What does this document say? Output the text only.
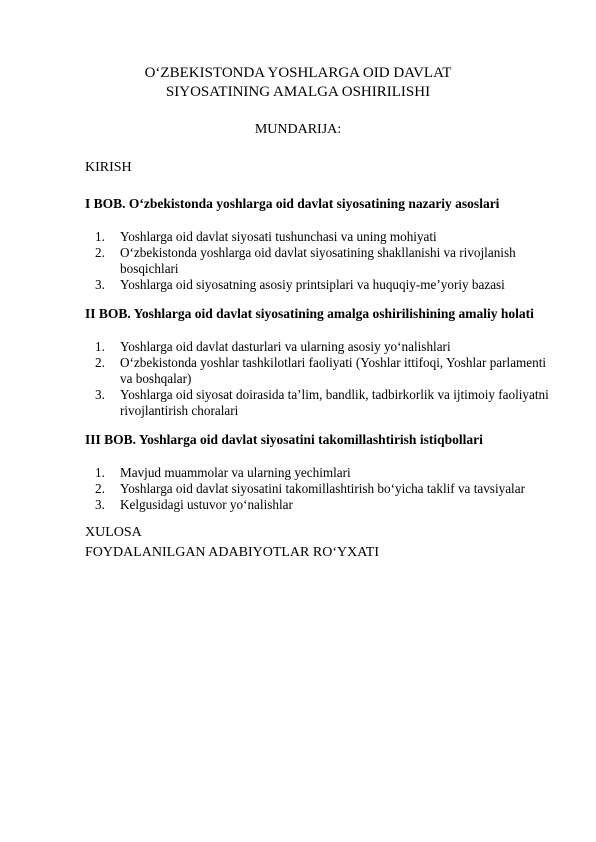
O‘ZBEKISTONDA YOSHLARGA OID DAVLAT
SIYOSATINING AMALGA OSHIRILISHI
MUNDARIJA:
KIRISH
I BOB. O‘zbekistonda yoshlarga oid davlat siyosatining nazariy asoslari
1. Yoshlarga oid davlat siyosati tushunchasi va uning mohiyati
2. O‘zbekistonda yoshlarga oid davlat siyosatining shakllanishi va rivojlanish bosqichlari
3. Yoshlarga oid siyosatning asosiy printsiplari va huquqiy-me’yoriy bazasi
II BOB. Yoshlarga oid davlat siyosatining amalga oshirilishining amaliy holati
1. Yoshlarga oid davlat dasturlari va ularning asosiy yo‘nalishlari
2. O‘zbekistonda yoshlar tashkilotlari faoliyati (Yoshlar ittifoqi, Yoshlar parlamenti va boshqalar)
3. Yoshlarga oid siyosat doirasida ta’lim, bandlik, tadbirkorlik va ijtimoiy faoliyatni rivojlantirish choralari
III BOB. Yoshlarga oid davlat siyosatini takomillashtirish istiqbollari
1. Mavjud muammolar va ularning yechimlari
2. Yoshlarga oid davlat siyosatini takomillashtirish bo‘yicha taklif va tavsiyalar
3. Kelgusidagi ustuvor yo‘nalishlar
XULOSA
FOYDALANILGAN ADABIYOTLAR RO‘YXATI
